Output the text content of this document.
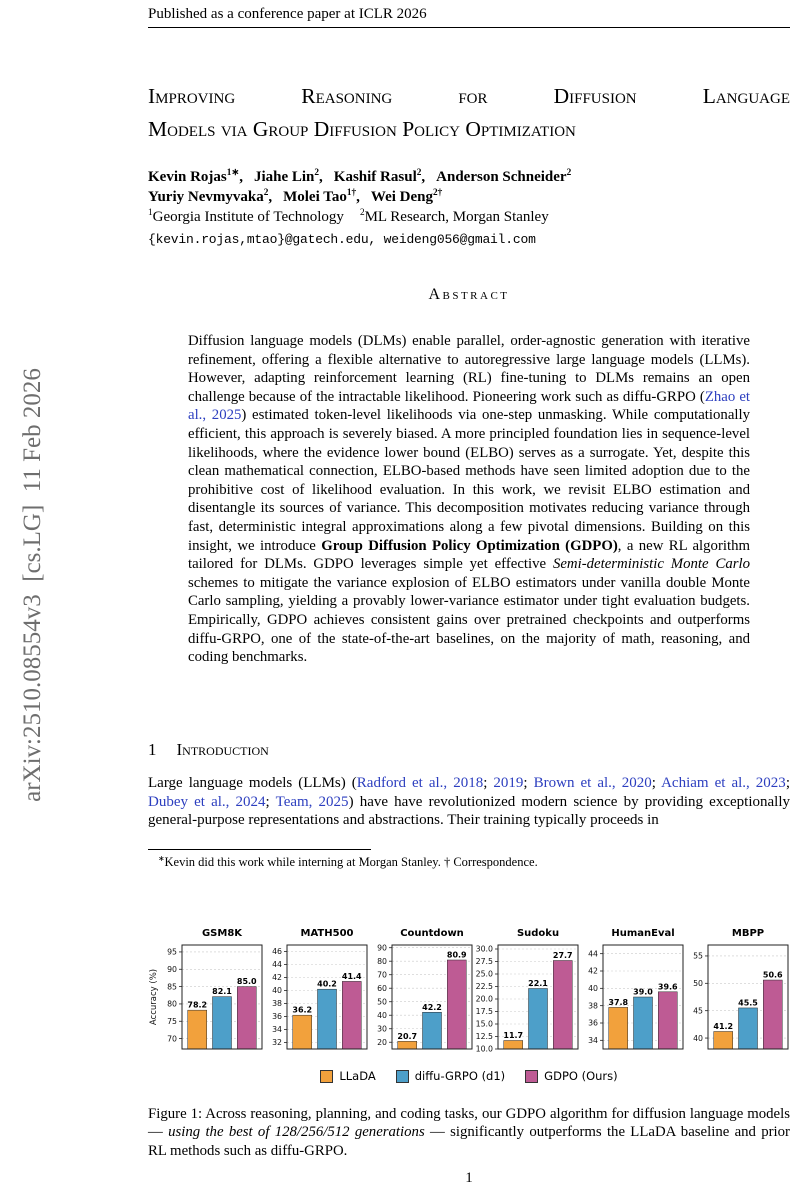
arXiv:2510.08554v3  [cs.LG]  11 Feb 2026
Published as a conference paper at ICLR 2026
Improving Reasoning for Diffusion Language
Models via Group Diffusion Policy Optimization
Kevin Rojas$^{1∗}$, Jiahe Lin$^2$, Kashif Rasul$^2$, Anderson Schneider$^2$
Yuriy Nevmyvaka$^2$, Molei Tao$^{1\dagger}$, Wei Deng$^{2\dagger}$
$^1$Georgia Institute of Technology $^2$ML Research, Morgan Stanley
{kevin.rojas,mtao}@gatech.edu, weideng056@gmail.com
Abstract
Diffusion language models (DLMs) enable parallel, order-agnostic generation with iterative refinement, offering a flexible alternative to autoregressive large language models (LLMs). However, adapting reinforcement learning (RL) fine-tuning to DLMs remains an open challenge because of the intractable likelihood. Pioneering work such as diffu-GRPO (Zhao et al., 2025) estimated token-level likelihoods via one-step unmasking. While computationally efficient, this approach is severely biased. A more principled foundation lies in sequence-level likelihoods, where the evidence lower bound (ELBO) serves as a surrogate. Yet, despite this clean mathematical connection, ELBO-based methods have seen limited adoption due to the prohibitive cost of likelihood evaluation. In this work, we revisit ELBO estimation and disentangle its sources of variance. This decomposition motivates reducing variance through fast, deterministic integral approximations along a few pivotal dimensions. Building on this insight, we introduce Group Diffusion Policy Optimization (GDPO), a new RL algorithm tailored for DLMs. GDPO leverages simple yet effective Semi-deterministic Monte Carlo schemes to mitigate the variance explosion of ELBO estimators under vanilla double Monte Carlo sampling, yielding a provably lower-variance estimator under tight evaluation budgets. Empirically, GDPO achieves consistent gains over pretrained checkpoints and outperforms diffu-GRPO, one of the state-of-the-art baselines, on the majority of math, reasoning, and coding benchmarks.
1 Introduction
Large language models (LLMs) (Radford et al., 2018; 2019; Brown et al., 2020; Achiam et al., 2023; Dubey et al., 2024; Team, 2025) have have revolutionized modern science by providing exceptionally general-purpose representations and abstractions. Their training typically proceeds in
∗Kevin did this work while interning at Morgan Stanley. † Correspondence.
GSM8K
70
75
80
85
90
95
78.2
82.1
85.0
Accuracy (%)
MATH500
32
34
36
38
40
42
44
46
36.2
40.2
41.4
Countdown
20
30
40
50
60
70
80
90
20.7
42.2
80.9
Sudoku
10.0
12.5
15.0
17.5
20.0
22.5
25.0
27.5
30.0
11.7
22.1
27.7
HumanEval
34
36
38
40
42
44
37.8
39.0
39.6
MBPP
40
45
50
55
41.2
45.5
50.6
LLaDA	diffu-GRPO (d1)	GDPO (Ours)
Figure 1: Across reasoning, planning, and coding tasks, our GDPO algorithm for diffusion language models — using the best of 128/256/512 generations — significantly outperforms the LLaDA baseline and prior RL methods such as diffu-GRPO.
1
